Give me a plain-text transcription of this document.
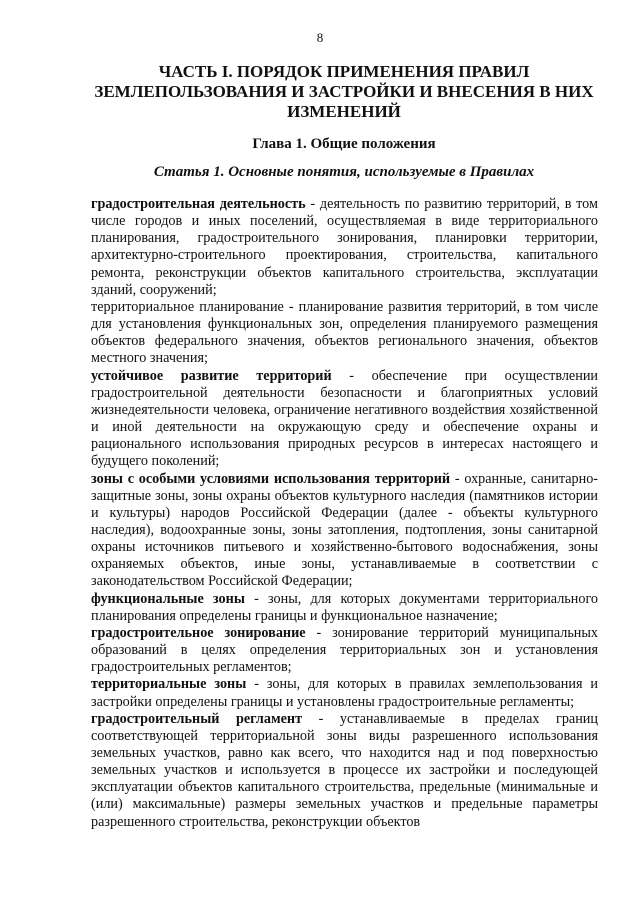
8
ЧАСТЬ I. ПОРЯДОК ПРИМЕНЕНИЯ ПРАВИЛ ЗЕМЛЕПОЛЬЗОВАНИЯ И ЗАСТРОЙКИ И ВНЕСЕНИЯ В НИХ ИЗМЕНЕНИЙ
Глава 1. Общие положения
Статья 1. Основные понятия, используемые в Правилах

градостроительная деятельность - деятельность по развитию территорий, в том числе городов и иных поселений, осуществляемая в виде территориального планирования, градостроительного зонирования, планировки территории, архитектурно-строительного проектирования, строительства, капитального ремонта, реконструкции объектов капитального строительства, эксплуатации зданий, сооружений;

территориальное планирование - планирование развития территорий, в том числе для установления функциональных зон, определения планируемого размещения объектов федерального значения, объектов регионального значения, объектов местного значения;

устойчивое развитие территорий - обеспечение при осуществлении градостроительной деятельности безопасности и благоприятных условий жизнедеятельности человека, ограничение негативного воздействия хозяйственной и иной деятельности на окружающую среду и обеспечение охраны и рационального использования природных ресурсов в интересах настоящего и будущего поколений;

зоны с особыми условиями использования территорий - охранные, санитарно-защитные зоны, зоны охраны объектов культурного наследия (памятников истории и культуры) народов Российской Федерации (далее - объекты культурного наследия), водоохранные зоны, зоны затопления, подтопления, зоны санитарной охраны источников питьевого и хозяйственно-бытового водоснабжения, зоны охраняемых объектов, иные зоны, устанавливаемые в соответствии с законодательством Российской Федерации;

функциональные зоны - зоны, для которых документами территориального планирования определены границы и функциональное назначение;

градостроительное зонирование - зонирование территорий муниципальных образований в целях определения территориальных зон и установления градостроительных регламентов;

территориальные зоны - зоны, для которых в правилах землепользования и застройки определены границы и установлены градостроительные регламенты;

градостроительный регламент - устанавливаемые в пределах границ соответствующей территориальной зоны виды разрешенного использования земельных участков, равно как всего, что находится над и под поверхностью земельных участков и используется в процессе их застройки и последующей эксплуатации объектов капитального строительства, предельные (минимальные и (или) максимальные) размеры земельных участков и предельные параметры разрешенного строительства, реконструкции объектов
